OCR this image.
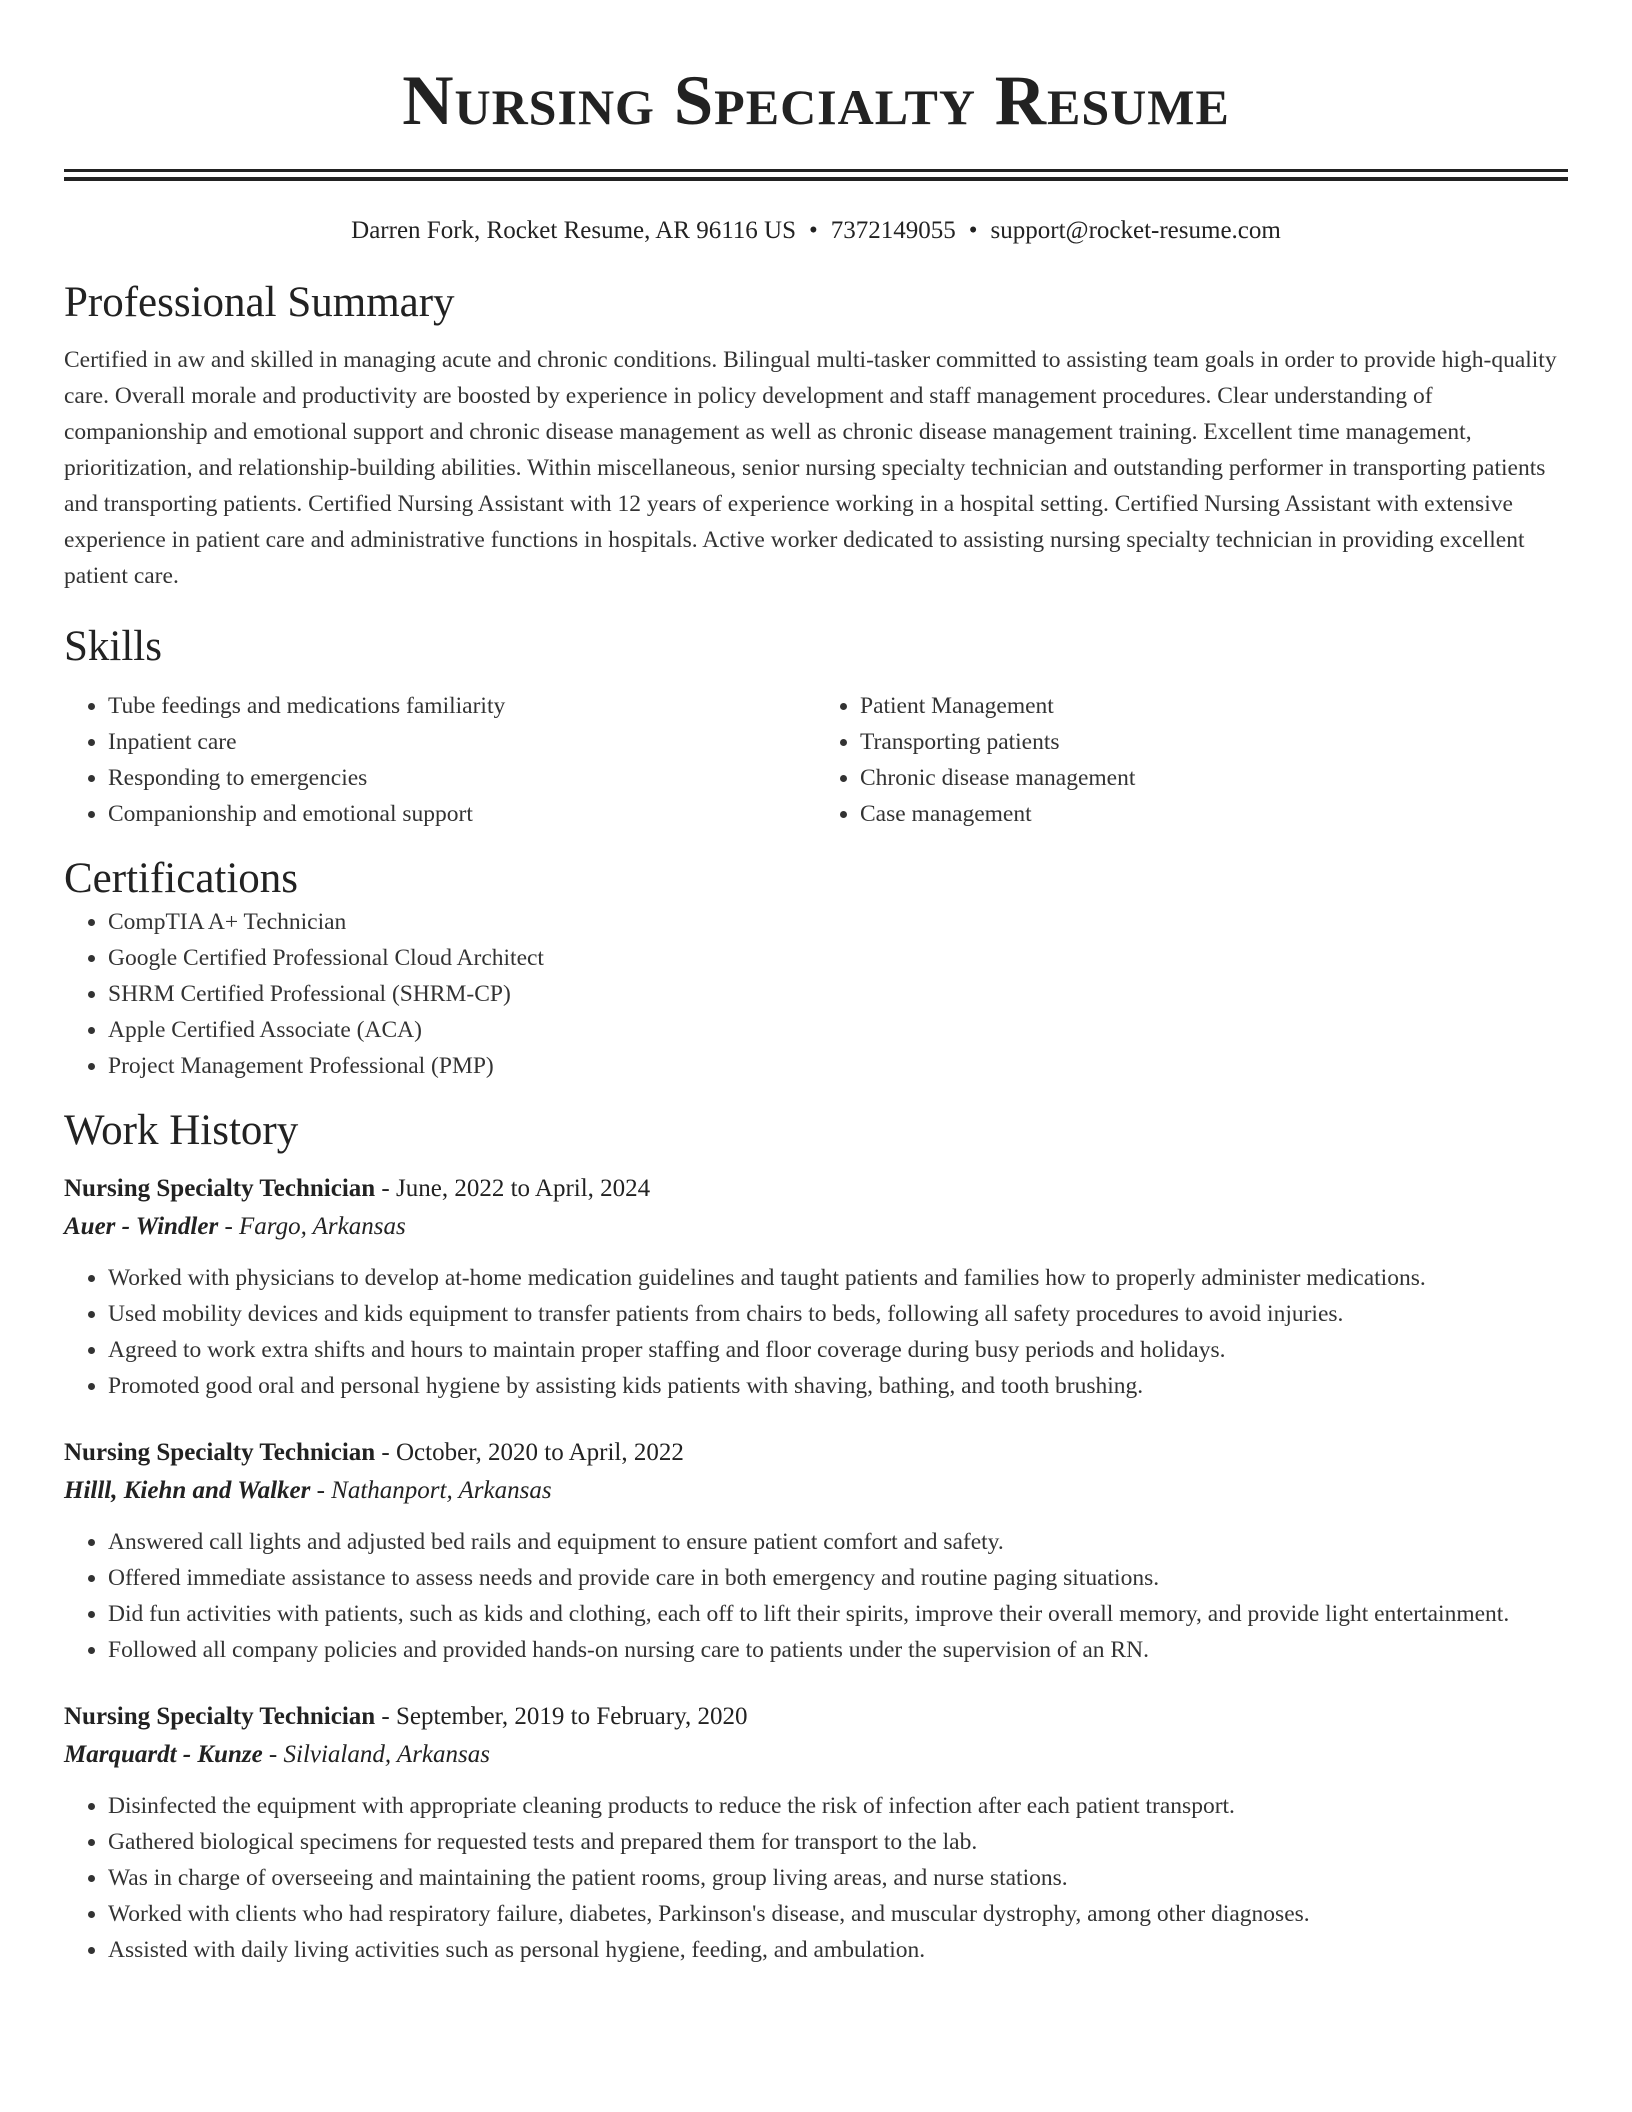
Nursing Specialty Resume
Darren Fork, Rocket Resume, AR 96116 US • 7372149055 • support@rocket-resume.com
Professional Summary

Certified in aw and skilled in managing acute and chronic conditions. Bilingual multi-tasker committed to assisting team goals in order to provide high-quality care. Overall morale and productivity are boosted by experience in policy development and staff management procedures. Clear understanding of companionship and emotional support and chronic disease management as well as chronic disease management training. Excellent time management, prioritization, and relationship-building abilities. Within miscellaneous, senior nursing specialty technician and outstanding performer in transporting patients and transporting patients. Certified Nursing Assistant with 12 years of experience working in a hospital setting. Certified Nursing Assistant with extensive experience in patient care and administrative functions in hospitals. Active worker dedicated to assisting nursing specialty technician in providing excellent patient care.

Skills
• Tube feedings and medications familiarity
• Inpatient care
• Responding to emergencies
• Companionship and emotional support
• Patient Management
• Transporting patients
• Chronic disease management
• Case management
Certifications
• CompTIA A+ Technician
• Google Certified Professional Cloud Architect
• SHRM Certified Professional (SHRM-CP)
• Apple Certified Associate (ACA)
• Project Management Professional (PMP)
Work History
Nursing Specialty Technician - June, 2022 to April, 2024
Auer - Windler - Fargo, Arkansas
• Worked with physicians to develop at-home medication guidelines and taught patients and families how to properly administer medications.
• Used mobility devices and kids equipment to transfer patients from chairs to beds, following all safety procedures to avoid injuries.
• Agreed to work extra shifts and hours to maintain proper staffing and floor coverage during busy periods and holidays.
• Promoted good oral and personal hygiene by assisting kids patients with shaving, bathing, and tooth brushing.
Nursing Specialty Technician - October, 2020 to April, 2022
Hilll, Kiehn and Walker - Nathanport, Arkansas
• Answered call lights and adjusted bed rails and equipment to ensure patient comfort and safety.
• Offered immediate assistance to assess needs and provide care in both emergency and routine paging situations.
• Did fun activities with patients, such as kids and clothing, each off to lift their spirits, improve their overall memory, and provide light entertainment.
• Followed all company policies and provided hands-on nursing care to patients under the supervision of an RN.
Nursing Specialty Technician - September, 2019 to February, 2020
Marquardt - Kunze - Silvialand, Arkansas
• Disinfected the equipment with appropriate cleaning products to reduce the risk of infection after each patient transport.
• Gathered biological specimens for requested tests and prepared them for transport to the lab.
• Was in charge of overseeing and maintaining the patient rooms, group living areas, and nurse stations.
• Worked with clients who had respiratory failure, diabetes, Parkinson's disease, and muscular dystrophy, among other diagnoses.
• Assisted with daily living activities such as personal hygiene, feeding, and ambulation.
